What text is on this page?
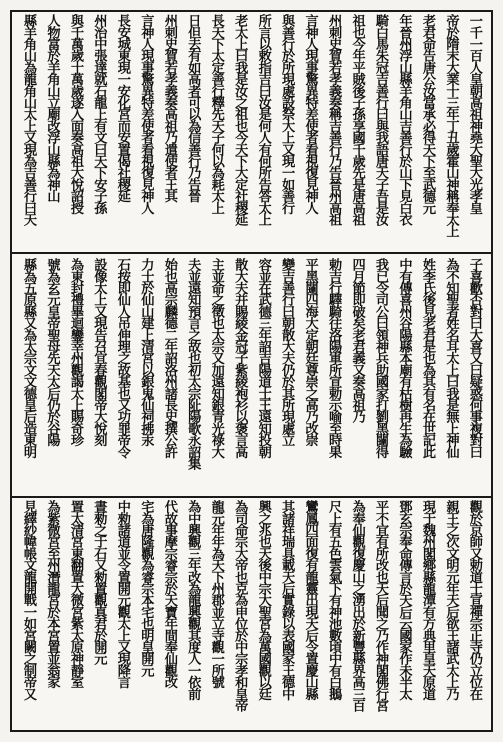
一千一百人皇朝高祖神堯大聖大光孝皇
帝於隋末大業十三年丁丑歲霍山神稱奉太上
老君命告唐公汝當承必得天下至武德元
年晉州浮山縣羊角山吉善行於山下見白衣
騎白馬朱冠吉善行曰與我語唐天子吾是汝
祖也今年平賊後子孫享國千歲先是唐高祖
州刺史賀若孝義奏稱吉善行乃告晉州高祖
言神人現事驚異特差使者看視復見神人
與善行於所現處設祭大上又現一如善行
所言以敕指吉曰汝是何人有何所告答太上
老太上曰我是汝之祖也今天下大定社稷延
長天下太定善行釋先天子何以為耗太上
日但去有如高者可以為信善行乃告晉
州刺史賀若孝義奏高祖乃遣使者王其
言神人現事驚異特差使者看視復見神人
長安城東現一安化宮而安置偈社稷延
州治中張達就石龍上有文曰天下安子孫
與千萬歲十萬歲遂入面奏高祖大悅詔授
人物富於羊角山立廟改浮山縣為神山
縣羊角山為龍角山太上又現為吉善行曰天
子喜歡否對曰大喜又曰疑惑何事複對曰
為不知聖者姓名耳太上曰我是無上神仙
姓李氏後見老君是也為其有名在世記此
中有傳喜州谷陽縣本廟有枯樹再生為驗
我已令司公曰領神兵助國家打劉黑闥得
四月節即破矣老君義又奏高祖乃
勅吉行驛騎往洛陽軍所宣勅示喻至時果
平黑闥四海大定朝廷尊崇之高乃改崇
變吉善行曰朝散大夫仍於其所現處立
容並在武德三年詔吉陽道士王遠知投朝
散大夫并賜綾金冠子紫綾袍衫以褒言高
主並命之徵也太宗又加遠知銀青光祿大
夫並遠知預言之故也初太宗阯陽歌永詔集
始也高宗麟德二年詔洛州諸長史撰公許
力士於仙山建上清宮以銀鬼仙祠拂汞
石按即仙人吊伸理之故基也又功罪帝令
設像太上又現告召宜春觀閣帝大悅刻
為東封禮畢迴鑾幸州觀謁太上賜奇珍
號為玄元皇帝聖母先天太后仍於谷陽
縣為五原縣又為太宗文文德皇后造東明
觀於京師又勅道士宣禪宗正寺仍立位在
親王之次文明元年天后欲王諸武太上乃
現于魏州閣鄉縣龍潭有方典里皇天原道
鄧玄宗奉命傳言於天后云國家作未半太
平不宜有所改也天后聞之乃作神閣佛行宮
為奉仙觀復慶山之湧出於新豐縣界高三百
尺上有五色雲氣下有神池數頃中有白鵝
鸞鳳四面復有龍靈出現天后令置慶山縣
其諸祥瑞具載天后實錄以表國家王德中
興之兆也天後中宗大聖宮為萬國觀以廷
為司命宗大帝也克為申位於中宗孝和皇帝
龍元年年為天下州郡並立寺觀一所號
為中興觀三年改為龍興觀其度人一依前
代故事摩宗睿宗於天寶年間奉仙觀改
宅為唐隆觀為睿宗本宅也明皇開元
中勑諸道並令置開元觀太上又現降言
晝勑之于石又勑置觀真君於開元
置太清宮東翻置大微宮紫太原神靜室
為紫微宮至州潛龍宮於本宮置並翁家
見繹紗幃帳文龍開戰一如宮闕之制帝又
